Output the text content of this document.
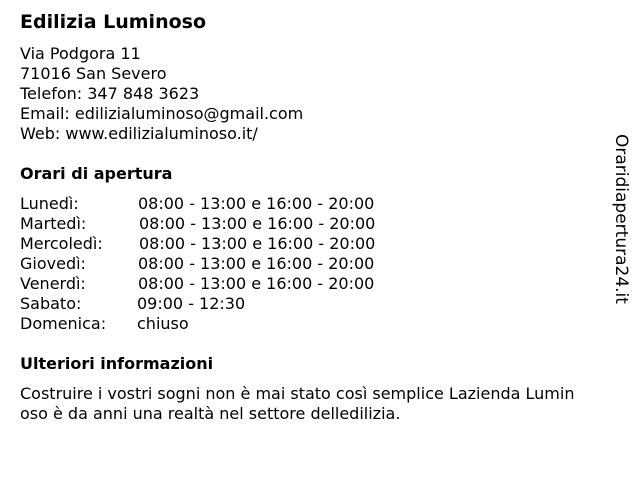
Edilizia Luminoso
Via Podgora 11
71016 San Severo
Telefon: 347 848 3623
Email: edilizialuminoso@gmail.com
Web: www.edilizialuminoso.it/
Orari di apertura
Lunedì:	08:00 - 13:00 e 16:00 - 20:00
Martedì:	08:00 - 13:00 e 16:00 - 20:00
Mercoledì:	08:00 - 13:00 e 16:00 - 20:00
Giovedì:	08:00 - 13:00 e 16:00 - 20:00
Venerdì:	08:00 - 13:00 e 16:00 - 20:00
Sabato:	09:00 - 12:30
Domenica:	chiuso
Ulteriori informazioni
Costruire i vostri sogni non è mai stato così semplice Lazienda Luminoso è da anni una realtà nel settore delledilizia.
Oraridiapertura24.it
